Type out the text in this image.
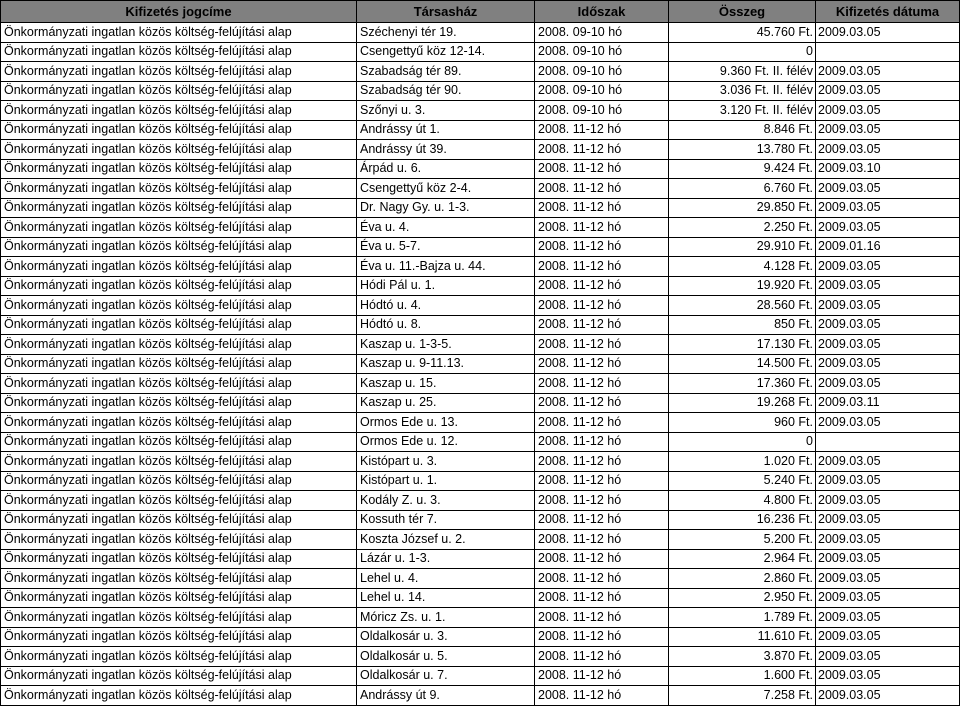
Kifizetés jogcíme	Társasház	Időszak	Összeg	Kifizetés dátuma
Önkormányzati ingatlan közös költség-felújítási alap	Széchenyi tér 19.	2008. 09-10 hó	45.760 Ft.	2009.03.05
Önkormányzati ingatlan közös költség-felújítási alap	Csengettyű köz 12-14.	2008. 09-10 hó	0	
Önkormányzati ingatlan közös költség-felújítási alap	Szabadság tér 89.	2008. 09-10 hó	9.360 Ft. II. félév	2009.03.05
Önkormányzati ingatlan közös költség-felújítási alap	Szabadság tér 90.	2008. 09-10 hó	3.036 Ft. II. félév	2009.03.05
Önkormányzati ingatlan közös költség-felújítási alap	Szőnyi u. 3.	2008. 09-10 hó	3.120 Ft. II. félév	2009.03.05
Önkormányzati ingatlan közös költség-felújítási alap	Andrássy út 1.	2008. 11-12 hó	8.846 Ft.	2009.03.05
Önkormányzati ingatlan közös költség-felújítási alap	Andrássy út 39.	2008. 11-12 hó	13.780 Ft.	2009.03.05
Önkormányzati ingatlan közös költség-felújítási alap	Árpád u. 6.	2008. 11-12 hó	9.424 Ft.	2009.03.10
Önkormányzati ingatlan közös költség-felújítási alap	Csengettyű köz 2-4.	2008. 11-12 hó	6.760 Ft.	2009.03.05
Önkormányzati ingatlan közös költség-felújítási alap	Dr. Nagy Gy. u. 1-3.	2008. 11-12 hó	29.850 Ft.	2009.03.05
Önkormányzati ingatlan közös költség-felújítási alap	Éva u. 4.	2008. 11-12 hó	2.250 Ft.	2009.03.05
Önkormányzati ingatlan közös költség-felújítási alap	Éva u. 5-7.	2008. 11-12 hó	29.910 Ft.	2009.01.16
Önkormányzati ingatlan közös költség-felújítási alap	Éva u. 11.-Bajza u. 44.	2008. 11-12 hó	4.128 Ft.	2009.03.05
Önkormányzati ingatlan közös költség-felújítási alap	Hódi Pál u. 1.	2008. 11-12 hó	19.920 Ft.	2009.03.05
Önkormányzati ingatlan közös költség-felújítási alap	Hódtó u. 4.	2008. 11-12 hó	28.560 Ft.	2009.03.05
Önkormányzati ingatlan közös költség-felújítási alap	Hódtó u. 8.	2008. 11-12 hó	850 Ft.	2009.03.05
Önkormányzati ingatlan közös költség-felújítási alap	Kaszap u. 1-3-5.	2008. 11-12 hó	17.130 Ft.	2009.03.05
Önkormányzati ingatlan közös költség-felújítási alap	Kaszap u. 9-11.13.	2008. 11-12 hó	14.500 Ft.	2009.03.05
Önkormányzati ingatlan közös költség-felújítási alap	Kaszap u. 15.	2008. 11-12 hó	17.360 Ft.	2009.03.05
Önkormányzati ingatlan közös költség-felújítási alap	Kaszap u. 25.	2008. 11-12 hó	19.268 Ft.	2009.03.11
Önkormányzati ingatlan közös költség-felújítási alap	Ormos Ede u. 13.	2008. 11-12 hó	960 Ft.	2009.03.05
Önkormányzati ingatlan közös költség-felújítási alap	Ormos Ede u. 12.	2008. 11-12 hó	0	
Önkormányzati ingatlan közös költség-felújítási alap	Kistópart u. 3.	2008. 11-12 hó	1.020 Ft.	2009.03.05
Önkormányzati ingatlan közös költség-felújítási alap	Kistópart u. 1.	2008. 11-12 hó	5.240 Ft.	2009.03.05
Önkormányzati ingatlan közös költség-felújítási alap	Kodály Z. u. 3.	2008. 11-12 hó	4.800 Ft.	2009.03.05
Önkormányzati ingatlan közös költség-felújítási alap	Kossuth tér 7.	2008. 11-12 hó	16.236 Ft.	2009.03.05
Önkormányzati ingatlan közös költség-felújítási alap	Koszta József u. 2.	2008. 11-12 hó	5.200 Ft.	2009.03.05
Önkormányzati ingatlan közös költség-felújítási alap	Lázár u. 1-3.	2008. 11-12 hó	2.964 Ft.	2009.03.05
Önkormányzati ingatlan közös költség-felújítási alap	Lehel u. 4.	2008. 11-12 hó	2.860 Ft.	2009.03.05
Önkormányzati ingatlan közös költség-felújítási alap	Lehel u. 14.	2008. 11-12 hó	2.950 Ft.	2009.03.05
Önkormányzati ingatlan közös költség-felújítási alap	Móricz Zs. u. 1.	2008. 11-12 hó	1.789 Ft.	2009.03.05
Önkormányzati ingatlan közös költség-felújítási alap	Oldalkosár u. 3.	2008. 11-12 hó	11.610 Ft.	2009.03.05
Önkormányzati ingatlan közös költség-felújítási alap	Oldalkosár u. 5.	2008. 11-12 hó	3.870 Ft.	2009.03.05
Önkormányzati ingatlan közös költség-felújítási alap	Oldalkosár u. 7.	2008. 11-12 hó	1.600 Ft.	2009.03.05
Önkormányzati ingatlan közös költség-felújítási alap	Andrássy út 9.	2008. 11-12 hó	7.258 Ft.	2009.03.05
